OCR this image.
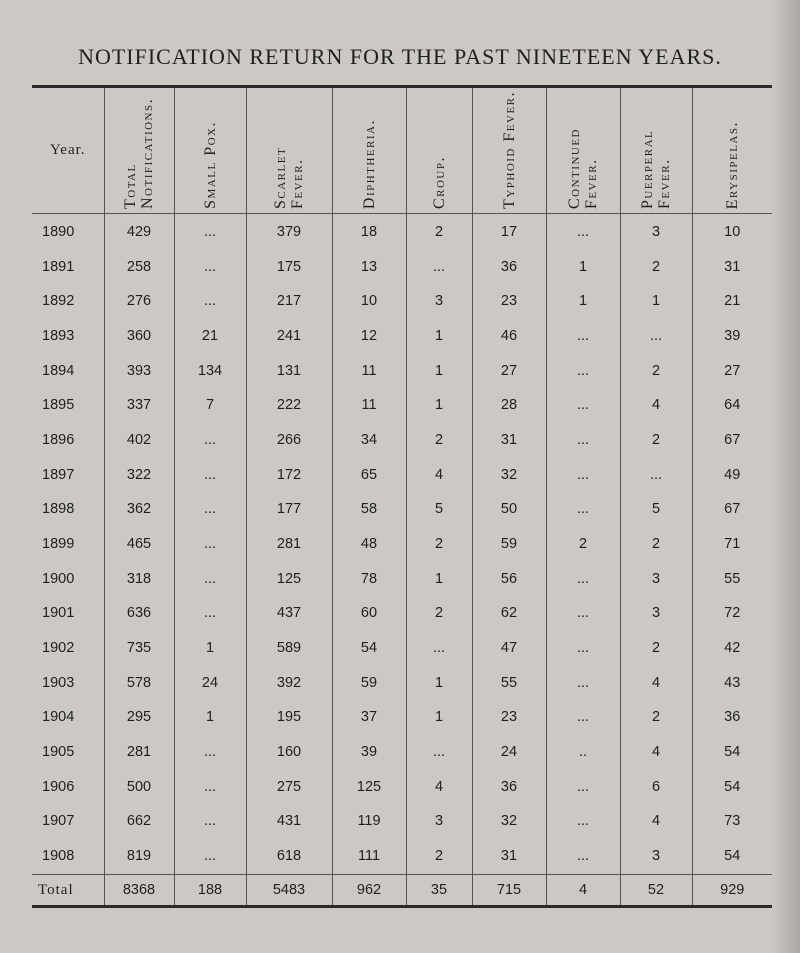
NOTIFICATION RETURN FOR THE PAST NINETEEN YEARS.
Year.	Total Notifications.	Small Pox.	Scarlet Fever.	Diphtheria.	Croup.	Typhoid Fever.	Continued Fever.	Puerperal Fever.	Erysipelas.

1890	429	...	379	18	2	17	...	3	10
1891	258	...	175	13	...	36	1	2	31
1892	276	...	217	10	3	23	1	1	21
1893	360	21	241	12	1	46	...	...	39
1894	393	134	131	11	1	27	...	2	27
1895	337	7	222	11	1	28	...	4	64
1896	402	...	266	34	2	31	...	2	67
1897	322	...	172	65	4	32	...	...	49
1898	362	...	177	58	5	50	...	5	67
1899	465	...	281	48	2	59	2	2	71
1900	318	...	125	78	1	56	...	3	55
1901	636	...	437	60	2	62	...	3	72
1902	735	1	589	54	...	47	...	2	42
1903	578	24	392	59	1	55	...	4	43
1904	295	1	195	37	1	23	...	2	36
1905	281	...	160	39	...	24	..	4	54
1906	500	...	275	125	4	36	...	6	54
1907	662	...	431	119	3	32	...	4	73
1908	819	...	618	111	2	31	...	3	54
Total	8368	188	5483	962	35	715	4	52	929
